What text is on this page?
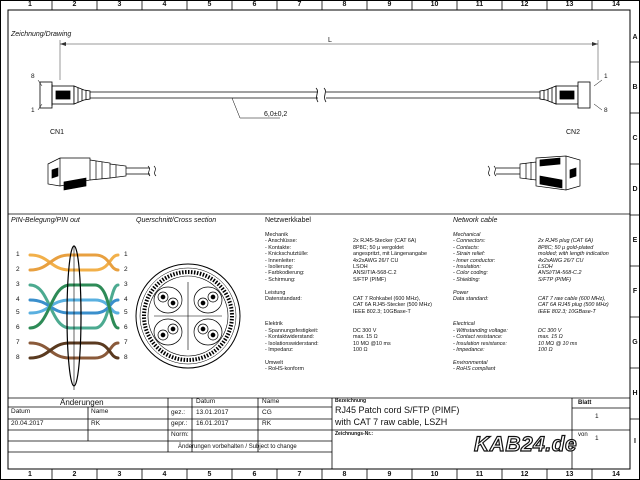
1	2	3	4	5	6	7	8	9	10	11	12	13	14
1	2	3	4	5	6	7	8	9	10	11	12	13	14
A
B
C
D
E
F
G
H
I
Zeichnung/Drawing
L
6,0±0,2
CN1	CN2
8
1
1
8
PIN-Belegung/PIN out
1
2
3
4
5
6
7
8
1
2
3
4
5
6
7
8
Querschnitt/Cross section	Netzwerkkabel
Mechanik
- Anschlüsse:	2x RJ45-Stecker (CAT 6A)
- Kontakte:	8P8C; 50 µ vergoldet
- Knickschutztülle:	angespritzt, mit Längenangabe
- Innenleiter:	4x2xAWG 26/7 CU
- Isolierung:	LSOH
- Farbkodierung:	ANSI/TIA-568-C.2
- Schirmung:	S/FTP (PIMF)
Leistung
Datenstandard:	CAT 7 Rohkabel (600 MHz),
CAT 6A RJ45-Stecker (500 MHz)
IEEE 802.3; 10GBase-T
Elektrik
- Spannungsfestigkeit:	DC 300 V
- Kontaktwiderstand:	max. 15 Ω
- Isolationswiderstand:	10 MΩ @10 ms
- Impedanz:	100 Ω
Umwelt
- RoHS-konform
Network cable
Mechanical
- Connectors:	2x RJ45 plug (CAT 6A)
- Contacts:	8P8C; 50 µ gold-plated
- Strain relief:	molded; with length indication
- Inner conductor:	4x2xAWG 26/7 CU
- Insulation:	LSOH
- Color coding:	ANSI/TIA-568-C.2
- Shielding:	S/FTP (PIMF)
Power
Data standard:	CAT 7 raw cable (600 MHz),
CAT 6A RJ45 plug (500 MHz)
IEEE 802.3; 10GBase-T
Electrical
- Withstanding voltage:	DC 300 V
- Contact resistance:	max. 15 Ω
- Insulation resistance:	10 MΩ @ 10 ms
- Impedance:	100 Ω
Environmental
- RoHS compliant
Änderungen
Datum	Name
20.04.2017	RK
Datum	Name
gez.: 13.01.2017	CG
gepr.: 16.01.2017	RK
Norm:
Änderungen vorbehalten / Subject to change
Bezeichnung
RJ45 Patch cord S/FTP (PIMF)
with CAT 7 raw cable, LSZH
Zeichnungs-Nr.:
Blatt
1
von 1
KAB24.de
